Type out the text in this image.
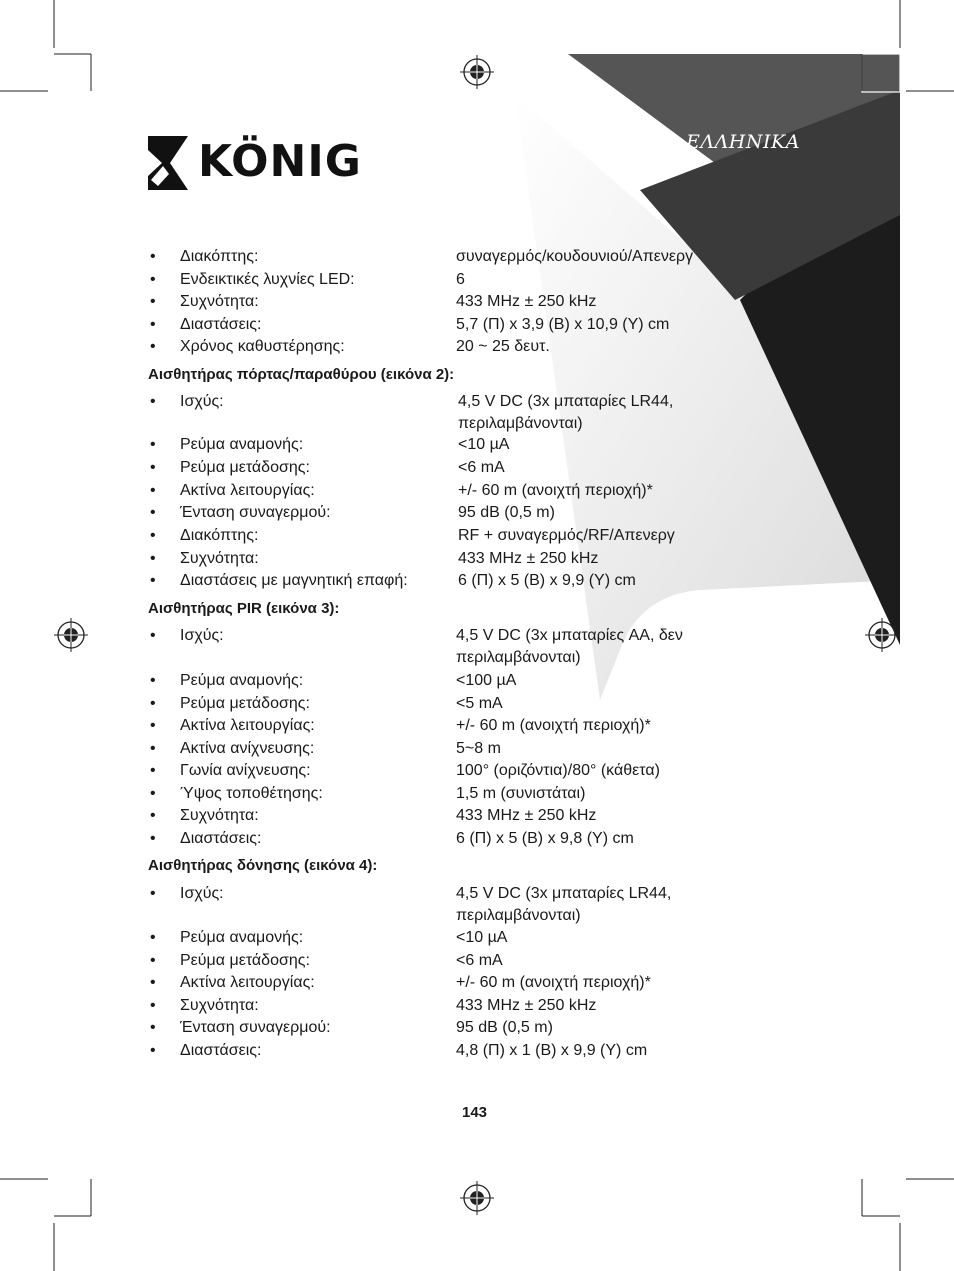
ΕΛΛΗΝΙΚΑ
KÖNIG
• Διακόπτης:	συναγερμός/κουδουνιού/Απενεργ
• Ενδεικτικές λυχνίες LED:	6
• Συχνότητα:	433 MHz ± 250 kHz
• Διαστάσεις:	5,7 (Π) x 3,9 (Β) x 10,9 (Υ) cm
• Χρόνος καθυστέρησης:	20 ~ 25 δευτ.
Αισθητήρας πόρτας/παραθύρου (εικόνα 2):
• Ισχύς:	4,5 V DC (3x μπαταρίες LR44,
περιλαμβάνονται)
• Ρεύμα αναμονής:	<10 µA
• Ρεύμα μετάδοσης:	<6 mA
• Ακτίνα λειτουργίας:	+/- 60 m (ανοιχτή περιοχή)*
• Ένταση συναγερμού:	95 dB (0,5 m)
• Διακόπτης:	RF + συναγερμός/RF/Απενεργ
• Συχνότητα:	433 MHz ± 250 kHz
• Διαστάσεις με μαγνητική επαφή:	6 (Π) x 5 (Β) x 9,9 (Υ) cm
Αισθητήρας PIR (εικόνα 3):
• Ισχύς:	4,5 V DC (3x μπαταρίες AA, δεν
περιλαμβάνονται)
• Ρεύμα αναμονής:	<100 µA
• Ρεύμα μετάδοσης:	<5 mA
• Ακτίνα λειτουργίας:	+/- 60 m (ανοιχτή περιοχή)*
• Ακτίνα ανίχνευσης:	5~8 m
• Γωνία ανίχνευσης:	100° (οριζόντια)/80° (κάθετα)
• Ύψος τοποθέτησης:	1,5 m (συνιστάται)
• Συχνότητα:	433 MHz ± 250 kHz
• Διαστάσεις:	6 (Π) x 5 (Β) x 9,8 (Υ) cm
Αισθητήρας δόνησης (εικόνα 4):
• Ισχύς:	4,5 V DC (3x μπαταρίες LR44,
περιλαμβάνονται)
• Ρεύμα αναμονής:	<10 µA
• Ρεύμα μετάδοσης:	<6 mA
• Ακτίνα λειτουργίας:	+/- 60 m (ανοιχτή περιοχή)*
• Συχνότητα:	433 MHz ± 250 kHz
• Ένταση συναγερμού:	95 dB (0,5 m)
• Διαστάσεις:	4,8 (Π) x 1 (Β) x 9,9 (Υ) cm
143
